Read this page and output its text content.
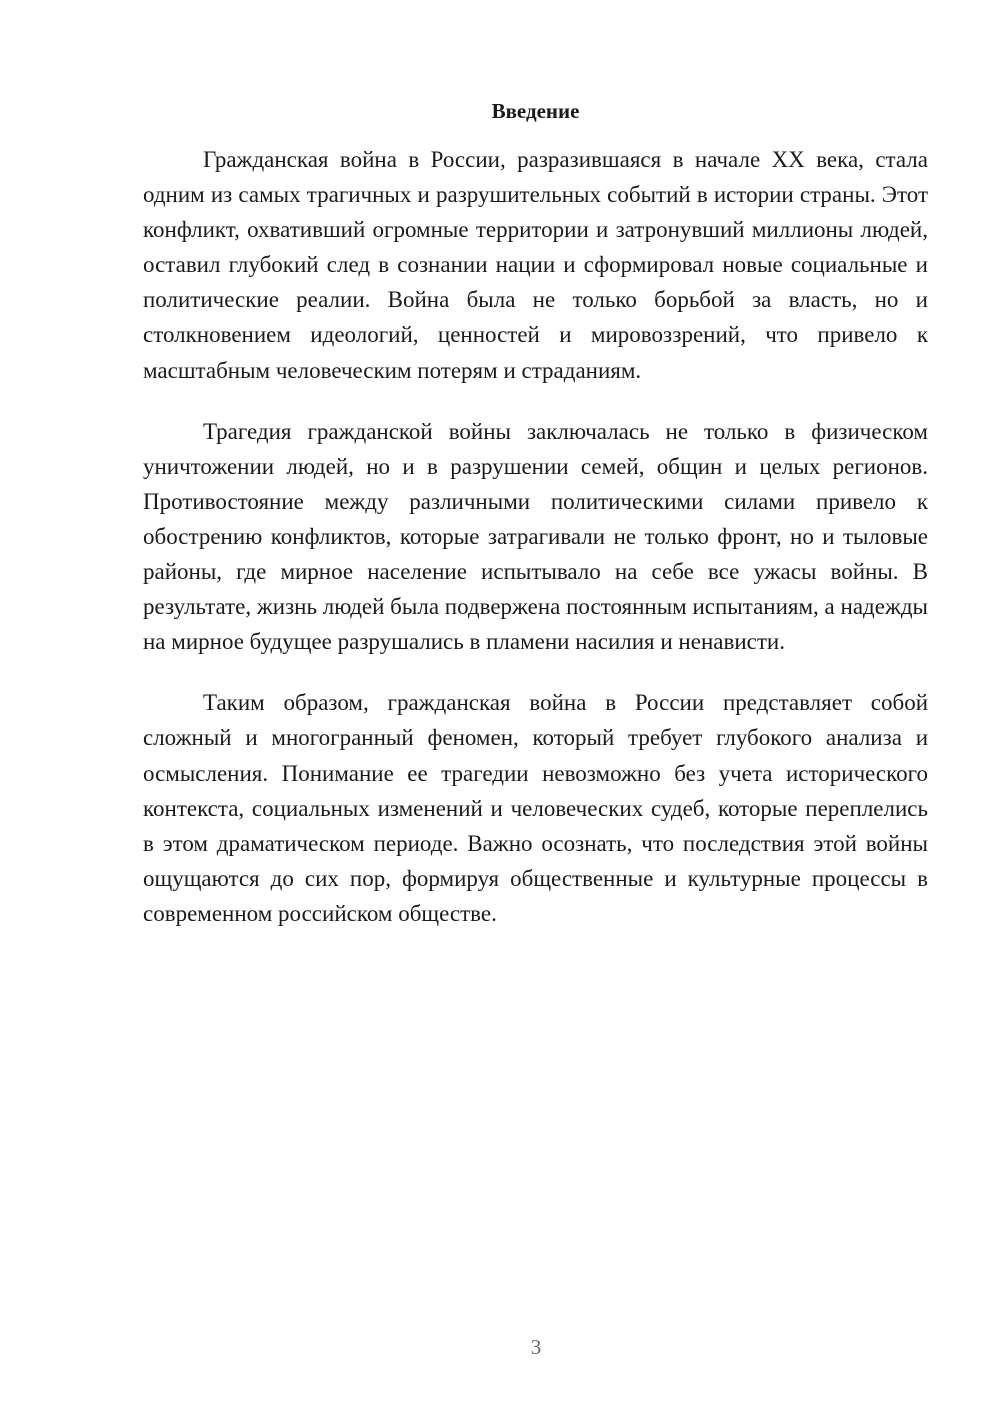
Введение

Гражданская война в России, разразившаяся в начале XX века, стала одним из самых трагичных и разрушительных событий в истории страны. Этот конфликт, охвативший огромные территории и затронувший миллионы людей, оставил глубокий след в сознании нации и сформировал новые социальные и политические реалии. Война была не только борьбой за власть, но и столкновением идеологий, ценностей и мировоззрений, что привело к масштабным человеческим потерям и страданиям.

Трагедия гражданской войны заключалась не только в физическом уничтожении людей, но и в разрушении семей, общин и целых регионов. Противостояние между различными политическими силами привело к обострению конфликтов, которые затрагивали не только фронт, но и тыловые районы, где мирное население испытывало на себе все ужасы войны. В результате, жизнь людей была подвержена постоянным испытаниям, а надежды на мирное будущее разрушались в пламени насилия и ненависти.

Таким образом, гражданская война в России представляет собой сложный и многогранный феномен, который требует глубокого анализа и осмысления. Понимание ее трагедии невозможно без учета исторического контекста, социальных изменений и человеческих судеб, которые переплелись в этом драматическом периоде. Важно осознать, что последствия этой войны ощущаются до сих пор, формируя общественные и культурные процессы в современном российском обществе.

3
